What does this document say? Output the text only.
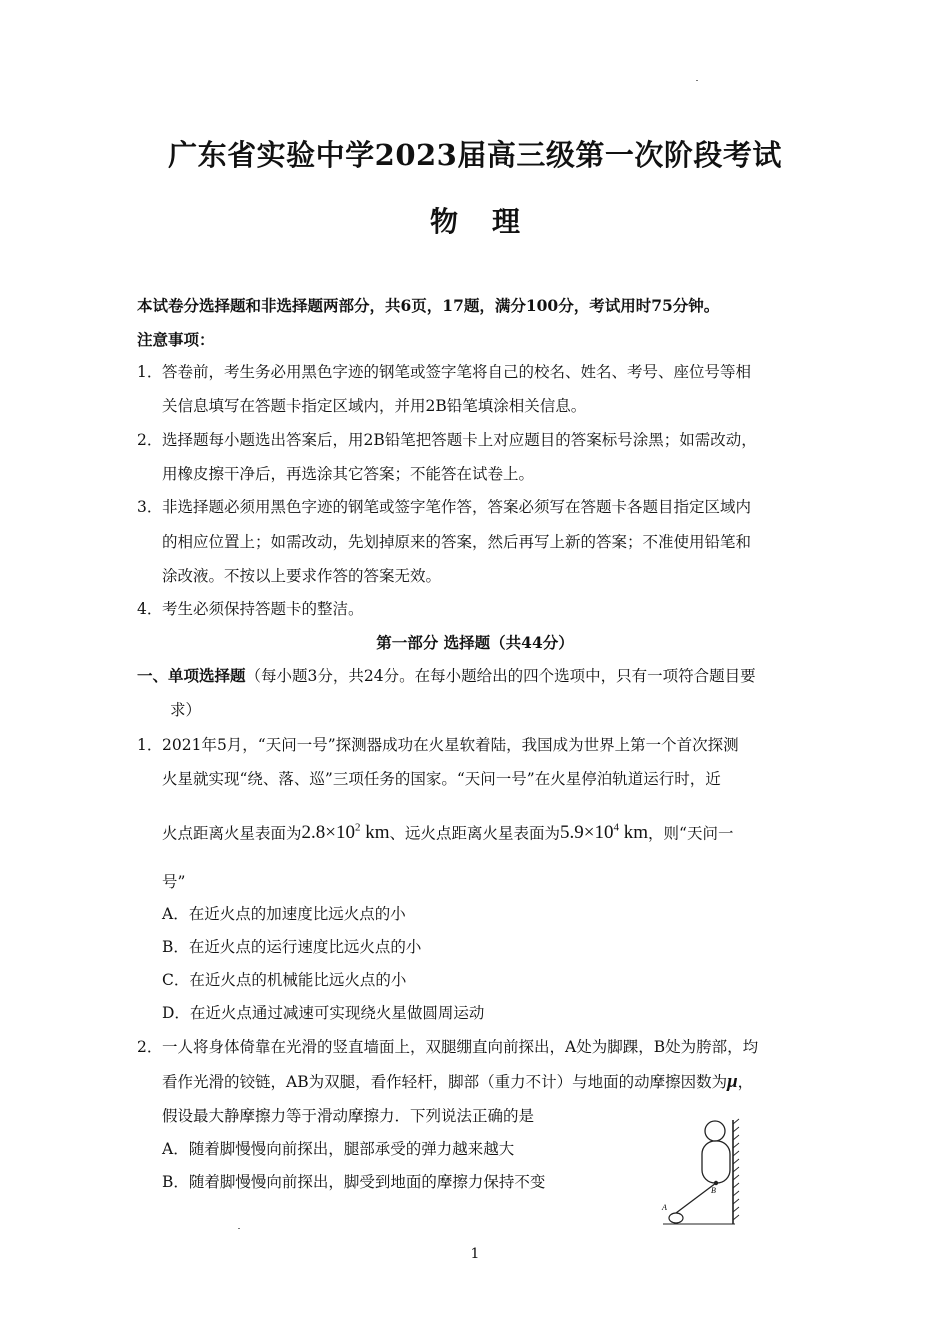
广东省实验中学2023届高三级第一次阶段考试
物理
本试卷分选择题和非选择题两部分，共6页，17题，满分100分，考试用时75分钟。
注意事项：
1． 答卷前，考生务必用黑色字迹的钢笔或签字笔将自己的校名、姓名、考号、座位号等相
关信息填写在答题卡指定区域内，并用2B铅笔填涂相关信息。
2． 选择题每小题选出答案后，用2B铅笔把答题卡上对应题目的答案标号涂黑；如需改动，
用橡皮擦干净后，再选涂其它答案；不能答在试卷上。
3． 非选择题必须用黑色字迹的钢笔或签字笔作答，答案必须写在答题卡各题目指定区域内
的相应位置上；如需改动，先划掉原来的答案，然后再写上新的答案；不准使用铅笔和
涂改液。不按以上要求作答的答案无效。
4． 考生必须保持答题卡的整洁。
第一部分 选择题（共44分）
一、单项选择题（每小题3分，共24分。在每小题给出的四个选项中，只有一项符合题目要
求）
1． 2021年5月，“天问一号”探测器成功在火星软着陆，我国成为世界上第一个首次探测
火星就实现“绕、落、巡”三项任务的国家。“天问一号”在火星停泊轨道运行时，近
火点距离火星表面为$2.8\times 10^2$ km、远火点距离火星表面为$5.9\times 10^4$ km，则“天问一
号”
A．在近火点的加速度比远火点的小
B．在近火点的运行速度比远火点的小
C．在近火点的机械能比远火点的小
D．在近火点通过减速可实现绕火星做圆周运动
2． 一人将身体倚靠在光滑的竖直墙面上，双腿绷直向前探出，A处为脚踝，B处为胯部，均
看作光滑的铰链，AB为双腿，看作轻杆，脚部（重力不计）与地面的动摩擦因数为μ，
假设最大静摩擦力等于滑动摩擦力．下列说法正确的是
A．随着脚慢慢向前探出，腿部承受的弹力越来越大
B．随着脚慢慢向前探出，脚受到地面的摩擦力保持不变
A
B
1
